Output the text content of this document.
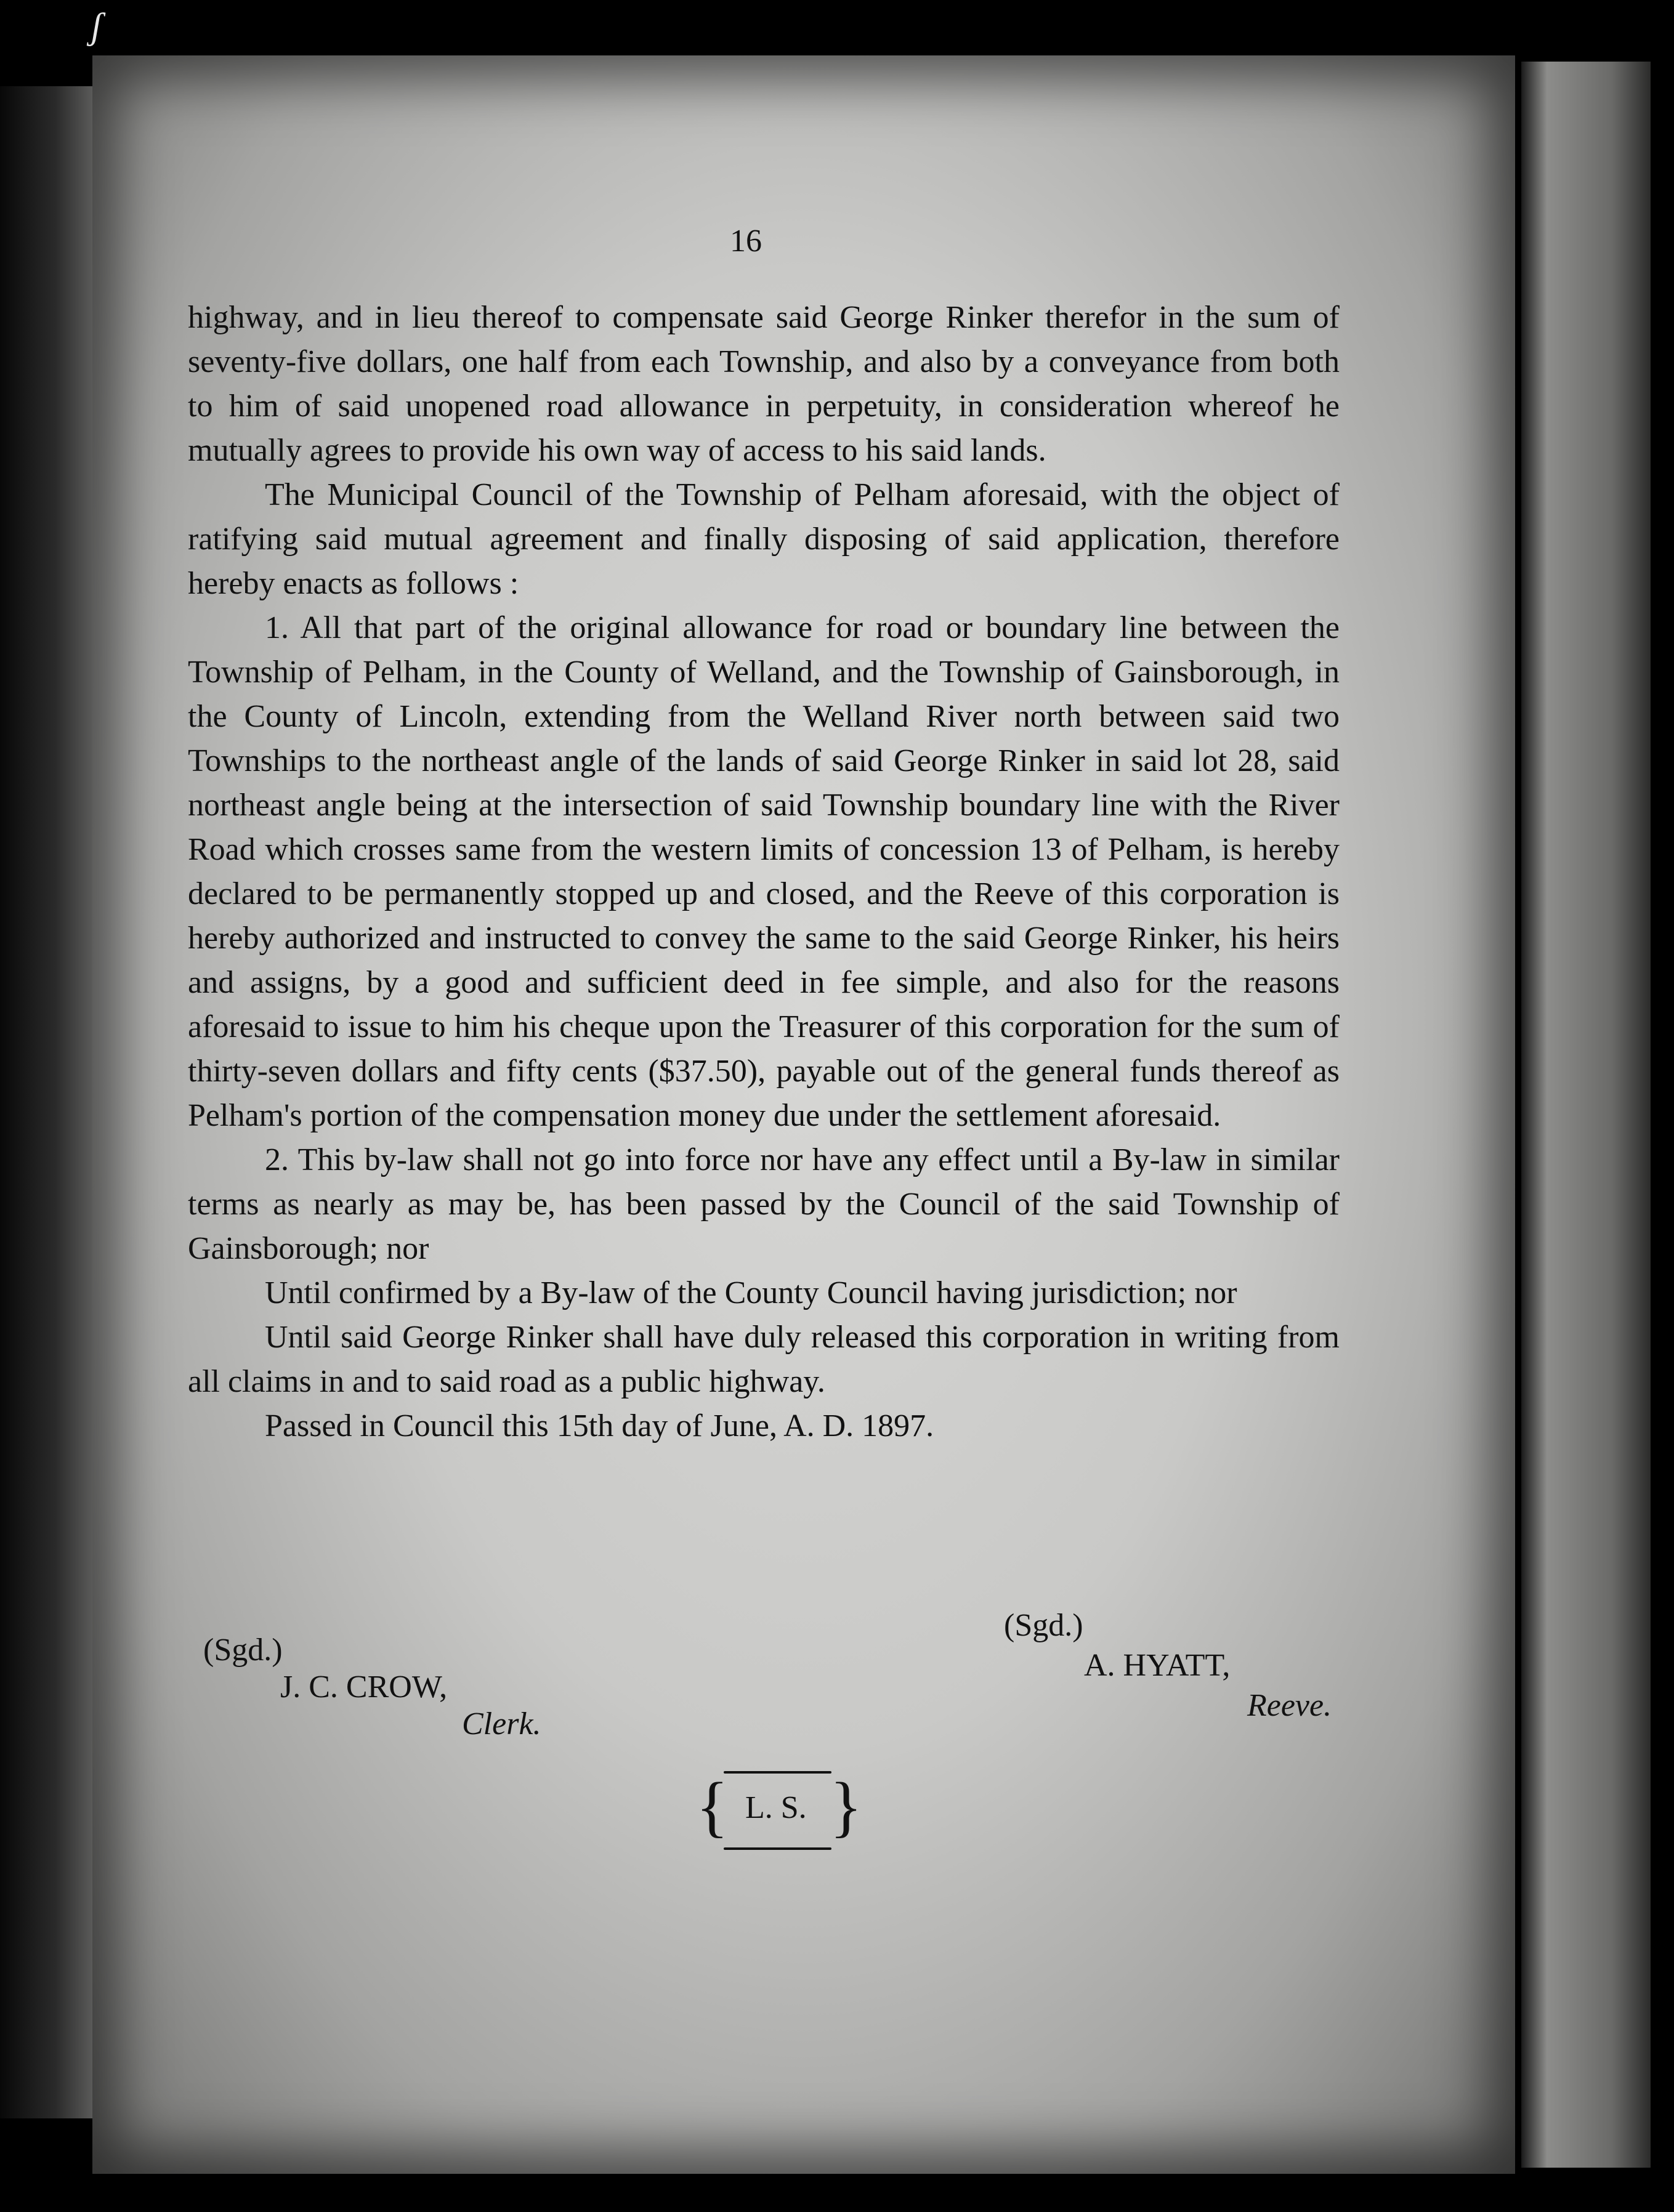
ʃ
16

highway, and in lieu thereof to compensate said George Rinker therefor in the sum of seventy-five dollars, one half from each Township, and also by a conveyance from both to him of said unopened road allowance in perpetuity, in consideration whereof he mutually agrees to provide his own way of access to his said lands.

The Municipal Council of the Township of Pelham aforesaid, with the object of ratifying said mutual agreement and finally disposing of said application, therefore hereby enacts as follows :

1. All that part of the original allowance for road or boundary line between the Township of Pelham, in the County of Welland, and the Township of Gainsborough, in the County of Lincoln, extending from the Welland River north between said two Townships to the northeast angle of the lands of said George Rinker in said lot 28, said northeast angle being at the intersection of said Township boundary line with the River Road which crosses same from the western limits of concession 13 of Pelham, is hereby declared to be permanently stopped up and closed, and the Reeve of this corporation is hereby authorized and instructed to convey the same to the said George Rinker, his heirs and assigns, by a good and sufficient deed in fee simple, and also for the reasons aforesaid to issue to him his cheque upon the Treasurer of this corporation for the sum of thirty-seven dollars and fifty cents ($37.50), payable out of the general funds thereof as Pelham's portion of the compensation money due under the settlement aforesaid.

2. This by-law shall not go into force nor have any effect until a By-law in similar terms as nearly as may be, has been passed by the Council of the said Township of Gainsborough; nor

Until confirmed by a By-law of the County Council having jurisdiction; nor

Until said George Rinker shall have duly released this corporation in writing from all claims in and to said road as a public highway.

Passed in Council this 15th day of June, A. D. 1897.

(Sgd.)
J. C. CROW,
Clerk.
(Sgd.)
A. HYATT,
Reeve.
{ L. S. }
